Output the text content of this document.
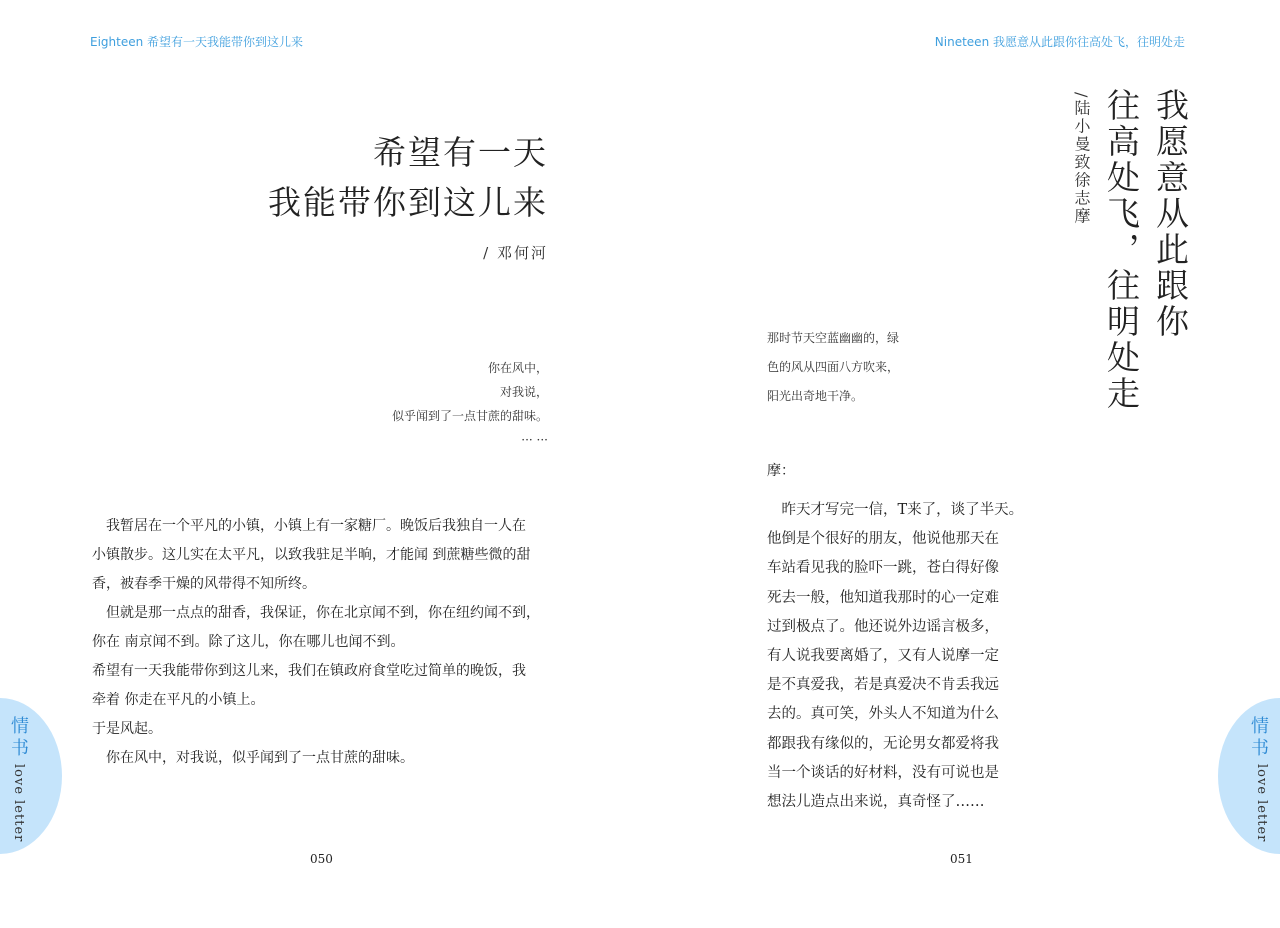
Eighteen 希望有一天我能带你到这儿来
希望有一天
我能带你到这儿来
/ 邓何河
你在风中，
对我说，
似乎闻到了一点甘蔗的甜味。
··· ···

　我暂居在一个平凡的小镇，小镇上有一家糖厂。晚饭后我独自一人在

小镇散步。这儿实在太平凡，以致我驻足半晌，才能闻 到蔗糖些微的甜

香，被春季干燥的风带得不知所终。

　但就是那一点点的甜香，我保证，你在北京闻不到，你在纽约闻不到，

你在 南京闻不到。除了这儿，你在哪儿也闻不到。

希望有一天我能带你到这儿来，我们在镇政府食堂吃过简单的晚饭，我

牵着 你走在平凡的小镇上。

于是风起。

　你在风中，对我说，似乎闻到了一点甘蔗的甜味。

情书
love letter
050
Nineteen 我愿意从此跟你往高处飞，往明处走
我愿意从此跟你
往高处飞，往明处走
/陆小曼致徐志摩
那时节天空蓝幽幽的，绿
色的风从四面八方吹来，
阳光出奇地干净。
摩：

　昨天才写完一信，T来了，谈了半天。

他倒是个很好的朋友，他说他那天在

车站看见我的脸吓一跳，苍白得好像

死去一般，他知道我那时的心一定难

过到极点了。他还说外边谣言极多，

有人说我要离婚了，又有人说摩一定

是不真爱我，若是真爱决不肯丢我远

去的。真可笑，外头人不知道为什么

都跟我有缘似的，无论男女都爱将我

当一个谈话的好材料，没有可说也是

想法儿造点出来说，真奇怪了……

情书
love letter
051
